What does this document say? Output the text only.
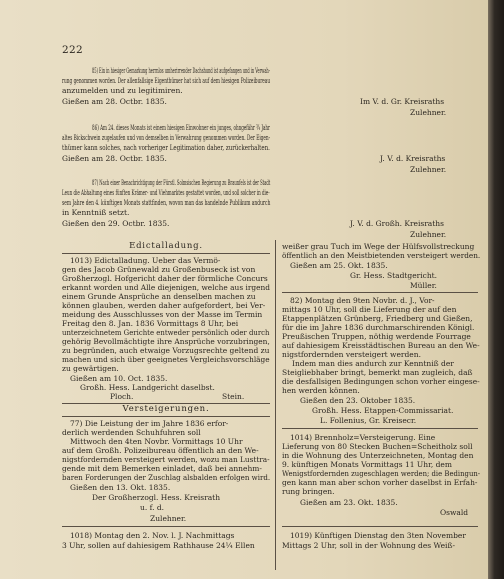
222
85) Ein in hiesiger Gemarkung herrnlos umherirrender Dachshund ist aufgefangen und in Verwah-
rung genommen worden. Der allenfallsige Eigenthümer hat sich auf dem hiesigen Polizeibureau
anzumelden und zu legitimiren.
Gießen am 28. Octbr. 1835.	Im V. d. Gr. Kreisraths
Zulehner.
86) Am 24. dieses Monats ist einem hiesigen Einwohner ein junges, ohngefähr ¾ Jahr
altes Bickschwein zugelaufen und von demselben in Verwahrung genommen worden. Der Eigen-
thümer kann solches, nach vorheriger Legitimation daher, zurückerhalten.
Gießen am 28. Octbr. 1835.	J. V. d. Kreisraths
Zulehner.
87) Nach einer Benachrichtigung der Fürstl. Solmsischen Regierung zu Braunfels ist der Stadt
Leun die Abhaltung eines fünften Krämer- und Viehmarktes gestattet worden, und soll solcher in die-
sem Jahre den 4. künftigen Monats stattfinden, wovon man das handelnde Publikum andurch
in Kenntniß setzt.
Gießen den 29. Octbr. 1835.	J. V. d. Großh. Kreisraths
Zulehner.
Edictalladung.
1013) Edictalladung. Ueber das Vermö-
gen des Jacob Grünewald zu Großenbuseck ist von
Großherzogl. Hofgericht daher der förmliche Concurs
erkannt worden und Alle diejenigen, welche aus irgend
einem Grunde Ansprüche an denselben machen zu
können glauben, werden daher aufgefordert, bei Ver-
meidung des Ausschlusses von der Masse im Termin
Freitag den 8. Jan. 1836 Vormittags 8 Uhr, bei
unterzeichnetem Gerichte entweder persönlich oder durch
gehörig Bevollmächtigte ihre Ansprüche vorzubringen,
zu begründen, auch etwaige Vorzugsrechte geltend zu
machen und sich über geeignetes Vergleichsvorschläge
zu gewärtigen.
Gießen am 10. Oct. 1835.
Großh. Hess. Landgericht daselbst.
Ploch.	Stein.
Versteigerungen.
77) Die Leistung der im Jahre 1836 erfor-
derlich werdenden Schuhfuhren soll
Mittwoch den 4ten Novbr. Vormittags 10 Uhr
auf dem Großh. Polizeibureau öffentlich an den We-
nigstfordernden versteigert werden, wozu man Lusttra-
gende mit dem Bemerken einladet, daß bei annehm-
baren Forderungen der Zuschlag alsbalden erfolgen wird.
Gießen den 13. Okt. 1835.
Der Großherzogl. Hess. Kreisrath
u. f. d.
Zulehner.
1018) Montag den 2. Nov. l. J. Nachmittags
3 Uhr, sollen auf dahiesigem Rathhause 24¼ Ellen
weißer grau Tuch im Wege der Hülfsvollstreckung
öffentlich an den Meistbietenden versteigert werden.
Gießen am 25. Okt. 1835.
Gr. Hess. Stadtgericht.
Müller.
82) Montag den 9ten Novbr. d. J., Vor-
mittags 10 Uhr, soll die Lieferung der auf den
Etappenplätzen Grünberg, Friedberg und Gießen,
für die im Jahre 1836 durchmarschirenden Königl.
Preußischen Truppen, nöthig werdende Fourrage
auf dahiesigem Kreisstädtischen Bureau an den We-
nigstfordernden versteigert werden.
Indem man dies andurch zur Kenntniß der
Steigliebhaber bringt, bemerkt man zugleich, daß
die desfallsigen Bedingungen schon vorher eingese-
hen werden können.
Gießen den 23. Oktober 1835.
Großh. Hess. Etappen-Commissariat.
L. Follenius, Gr. Kreisecr.
1014) Brennholz=Versteigerung. Eine
Lieferung von 80 Stecken Buchen=Scheitholz soll
in die Wohnung des Unterzeichneten, Montag den
9. künftigen Monats Vormittags 11 Uhr, dem
Wenigstfordernden zugeschlagen werden; die Bedingun-
gen kann man aber schon vorher daselbst in Erfah-
rung bringen.
Gießen am 23. Okt. 1835.
Oswald
1019) Künftigen Dienstag den 3ten November
Mittags 2 Uhr, soll in der Wohnung des Weiß-
